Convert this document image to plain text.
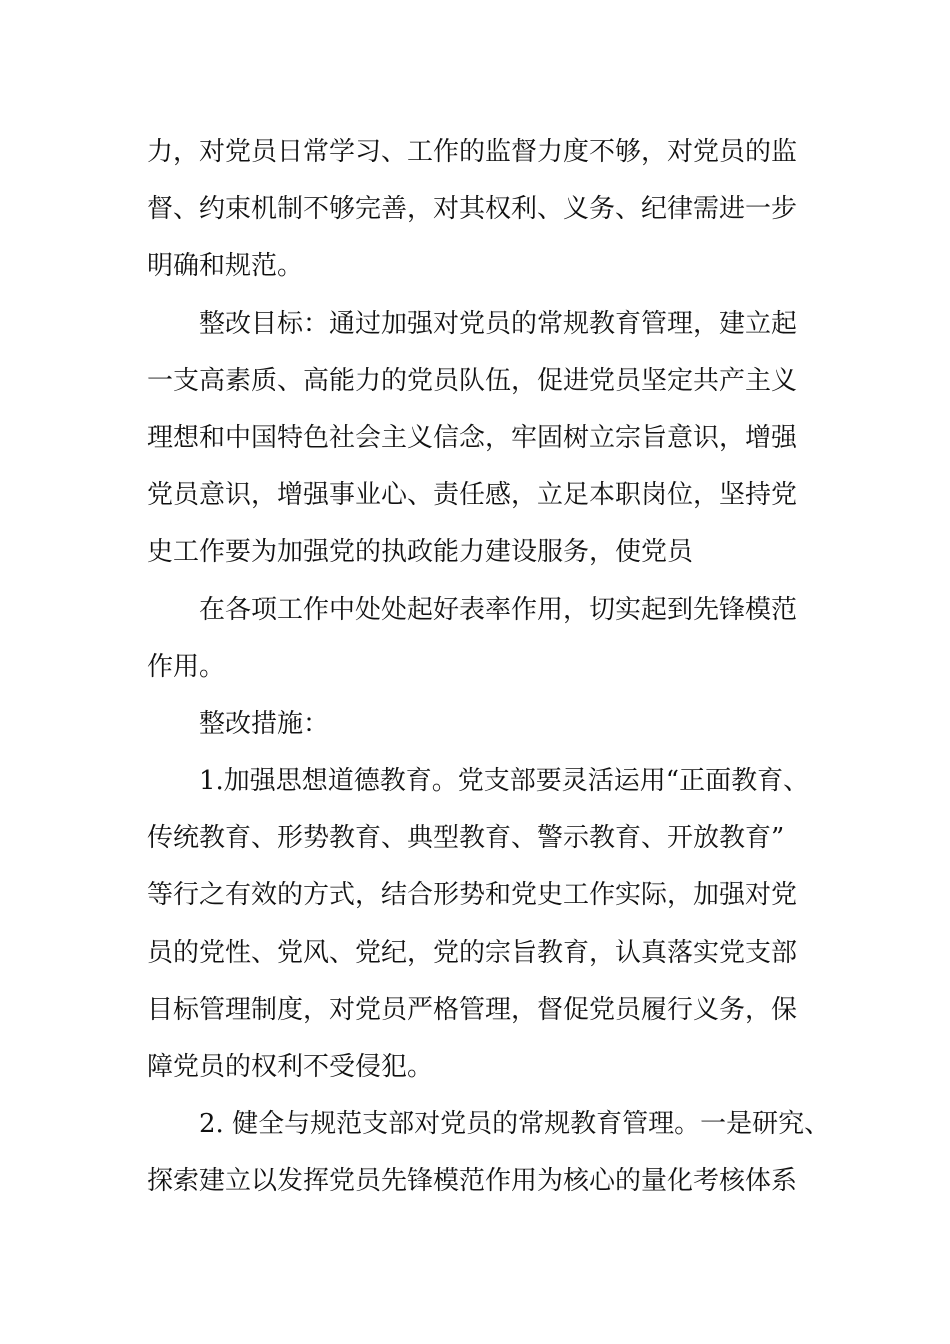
力，对党员日常学习、工作的监督力度不够，对党员的监
督、约束机制不够完善，对其权利、义务、纪律需进一步
明确和规范。
整改目标：通过加强对党员的常规教育管理，建立起
一支高素质、高能力的党员队伍，促进党员坚定共产主义
理想和中国特色社会主义信念，牢固树立宗旨意识，增强
党员意识，增强事业心、责任感，立足本职岗位，坚持党
史工作要为加强党的执政能力建设服务，使党员
在各项工作中处处起好表率作用，切实起到先锋模范
作用。
整改措施：
1.加强思想道德教育。党支部要灵活运用“正面教育、
传统教育、形势教育、典型教育、警示教育、开放教育”
等行之有效的方式，结合形势和党史工作实际，加强对党
员的党性、党风、党纪，党的宗旨教育，认真落实党支部
目标管理制度，对党员严格管理，督促党员履行义务，保
障党员的权利不受侵犯。
2. 健全与规范支部对党员的常规教育管理。一是研究、
探索建立以发挥党员先锋模范作用为核心的量化考核体系
